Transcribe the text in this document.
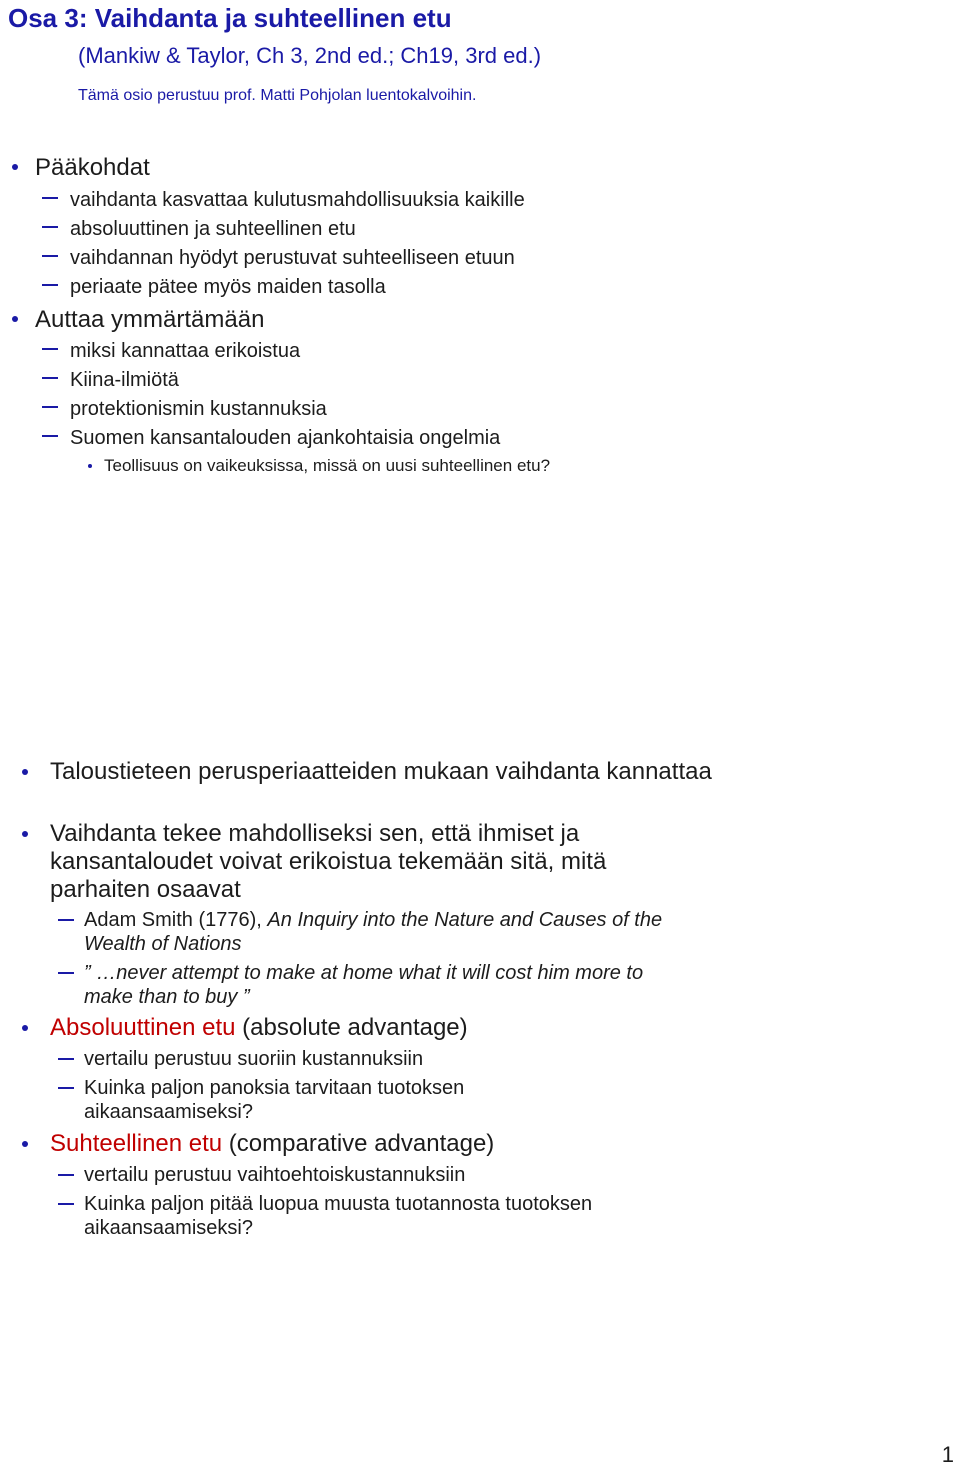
Osa 3: Vaihdanta ja suhteellinen etu
(Mankiw & Taylor, Ch 3, 2nd ed.; Ch19, 3rd ed.)
Tämä osio perustuu prof. Matti Pohjolan luentokalvoihin.
Pääkohdat
vaihdanta kasvattaa kulutusmahdollisuuksia kaikille
absoluuttinen ja suhteellinen etu
vaihdannan hyödyt perustuvat suhteelliseen etuun
periaate pätee myös maiden tasolla
Auttaa ymmärtämään
miksi kannattaa erikoistua
Kiina-ilmiötä
protektionismin kustannuksia
Suomen kansantalouden ajankohtaisia ongelmia
Teollisuus on vaikeuksissa, missä on uusi suhteellinen etu?
Taloustieteen perusperiaatteiden mukaan vaihdanta kannattaa
Vaihdanta tekee mahdolliseksi sen, että ihmiset ja kansantaloudet voivat erikoistua tekemään sitä, mitä parhaiten osaavat
Adam Smith (1776), An Inquiry into the Nature and Causes of the Wealth of Nations
” …never attempt to make at home what it will cost him more to make than to buy ”
Absoluuttinen etu (absolute advantage)
vertailu perustuu suoriin kustannuksiin
Kuinka paljon panoksia tarvitaan tuotoksen aikaansaamiseksi?
Suhteellinen etu (comparative advantage)
vertailu perustuu vaihtoehtoiskustannuksiin
Kuinka paljon pitää luopua muusta tuotannosta tuotoksen aikaansaamiseksi?
1
